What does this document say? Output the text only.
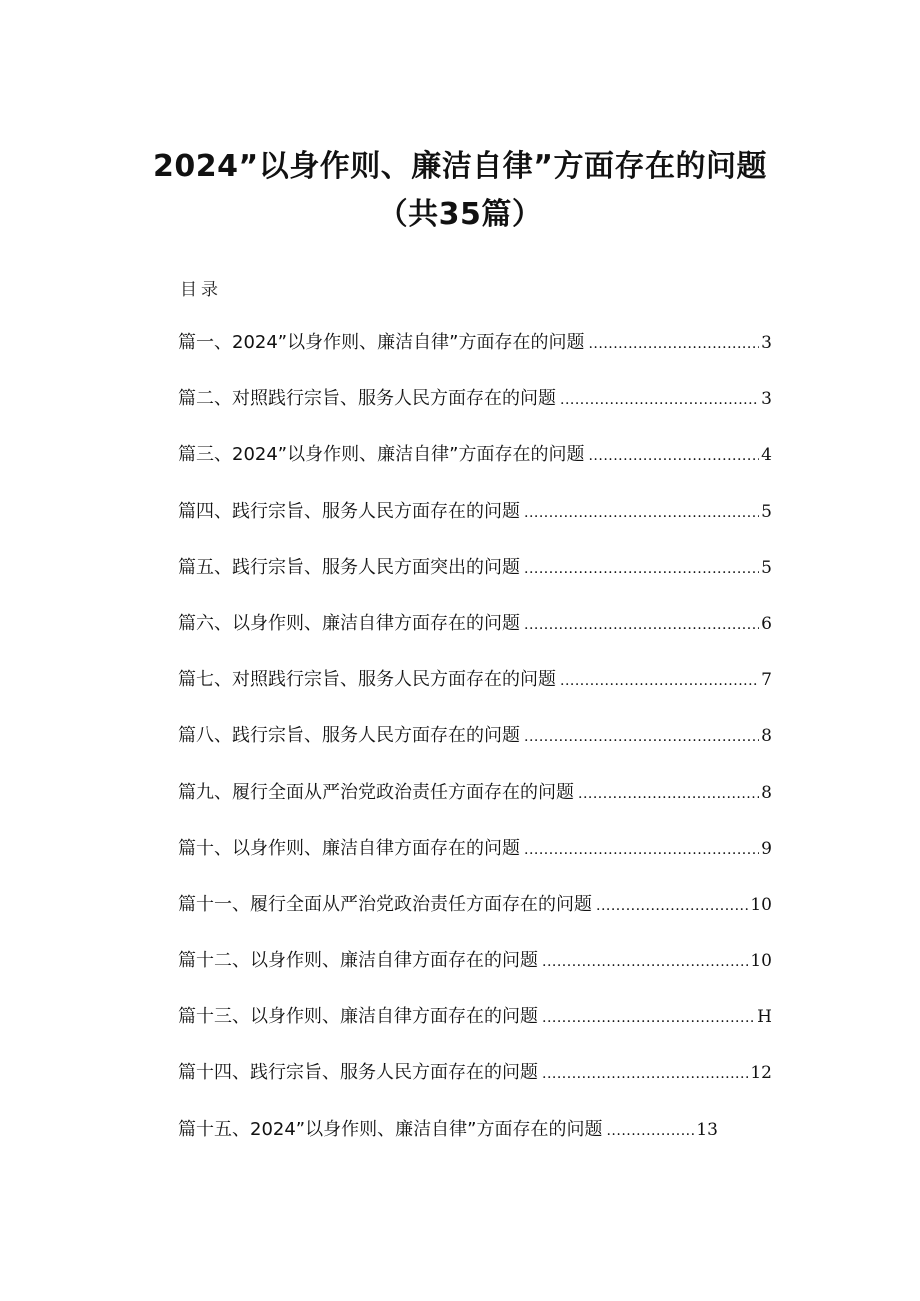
2024”以身作则、廉洁自律”方面存在的问题
（共35篇）
目录
篇一、2024”以身作则、廉洁自律”方面存在的问题 .....	3
篇二、对照践行宗旨、服务人民方面存在的问题 .....	3
篇三、2024”以身作则、廉洁自律”方面存在的问题 .....	4
篇四、践行宗旨、服务人民方面存在的问题 .....	5
篇五、践行宗旨、服务人民方面突出的问题 .....	5
篇六、以身作则、廉洁自律方面存在的问题 .....	6
篇七、对照践行宗旨、服务人民方面存在的问题 .....	7
篇八、践行宗旨、服务人民方面存在的问题 .....	8
篇九、履行全面从严治党政治责任方面存在的问题 .....	8
篇十、以身作则、廉洁自律方面存在的问题 .....	9
篇十一、履行全面从严治党政治责任方面存在的问题 .....	10
篇十二、以身作则、廉洁自律方面存在的问题 .....	10
篇十三、以身作则、廉洁自律方面存在的问题 .....	H
篇十四、践行宗旨、服务人民方面存在的问题 .....	12
篇十五、2024”以身作则、廉洁自律”方面存在的问题 .....	13
